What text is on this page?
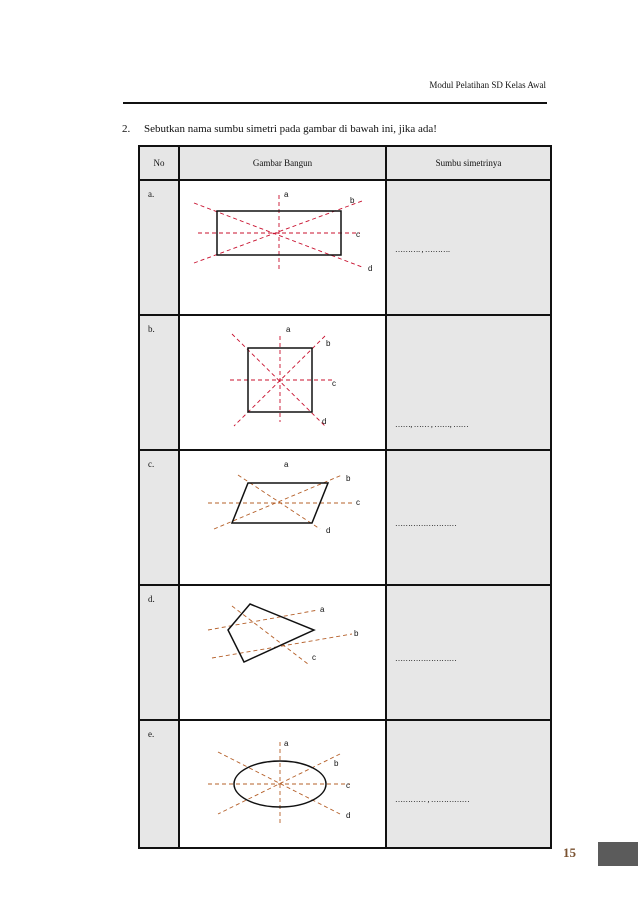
Modul Pelatihan SD Kelas Awal
2. Sebutkan nama sumbu simetri pada gambar di bawah ini, jika ada!
No	Gambar Bangun	Sumbu simetrinya

a.	a
b
c
d	………. , ……….

b.	a
b
c
d	……, …… , ……, ……

c.	a
b
c
d	……………………

d.	a
b
c	……………………

e.	a
b
c
d	………… , ……………
15
